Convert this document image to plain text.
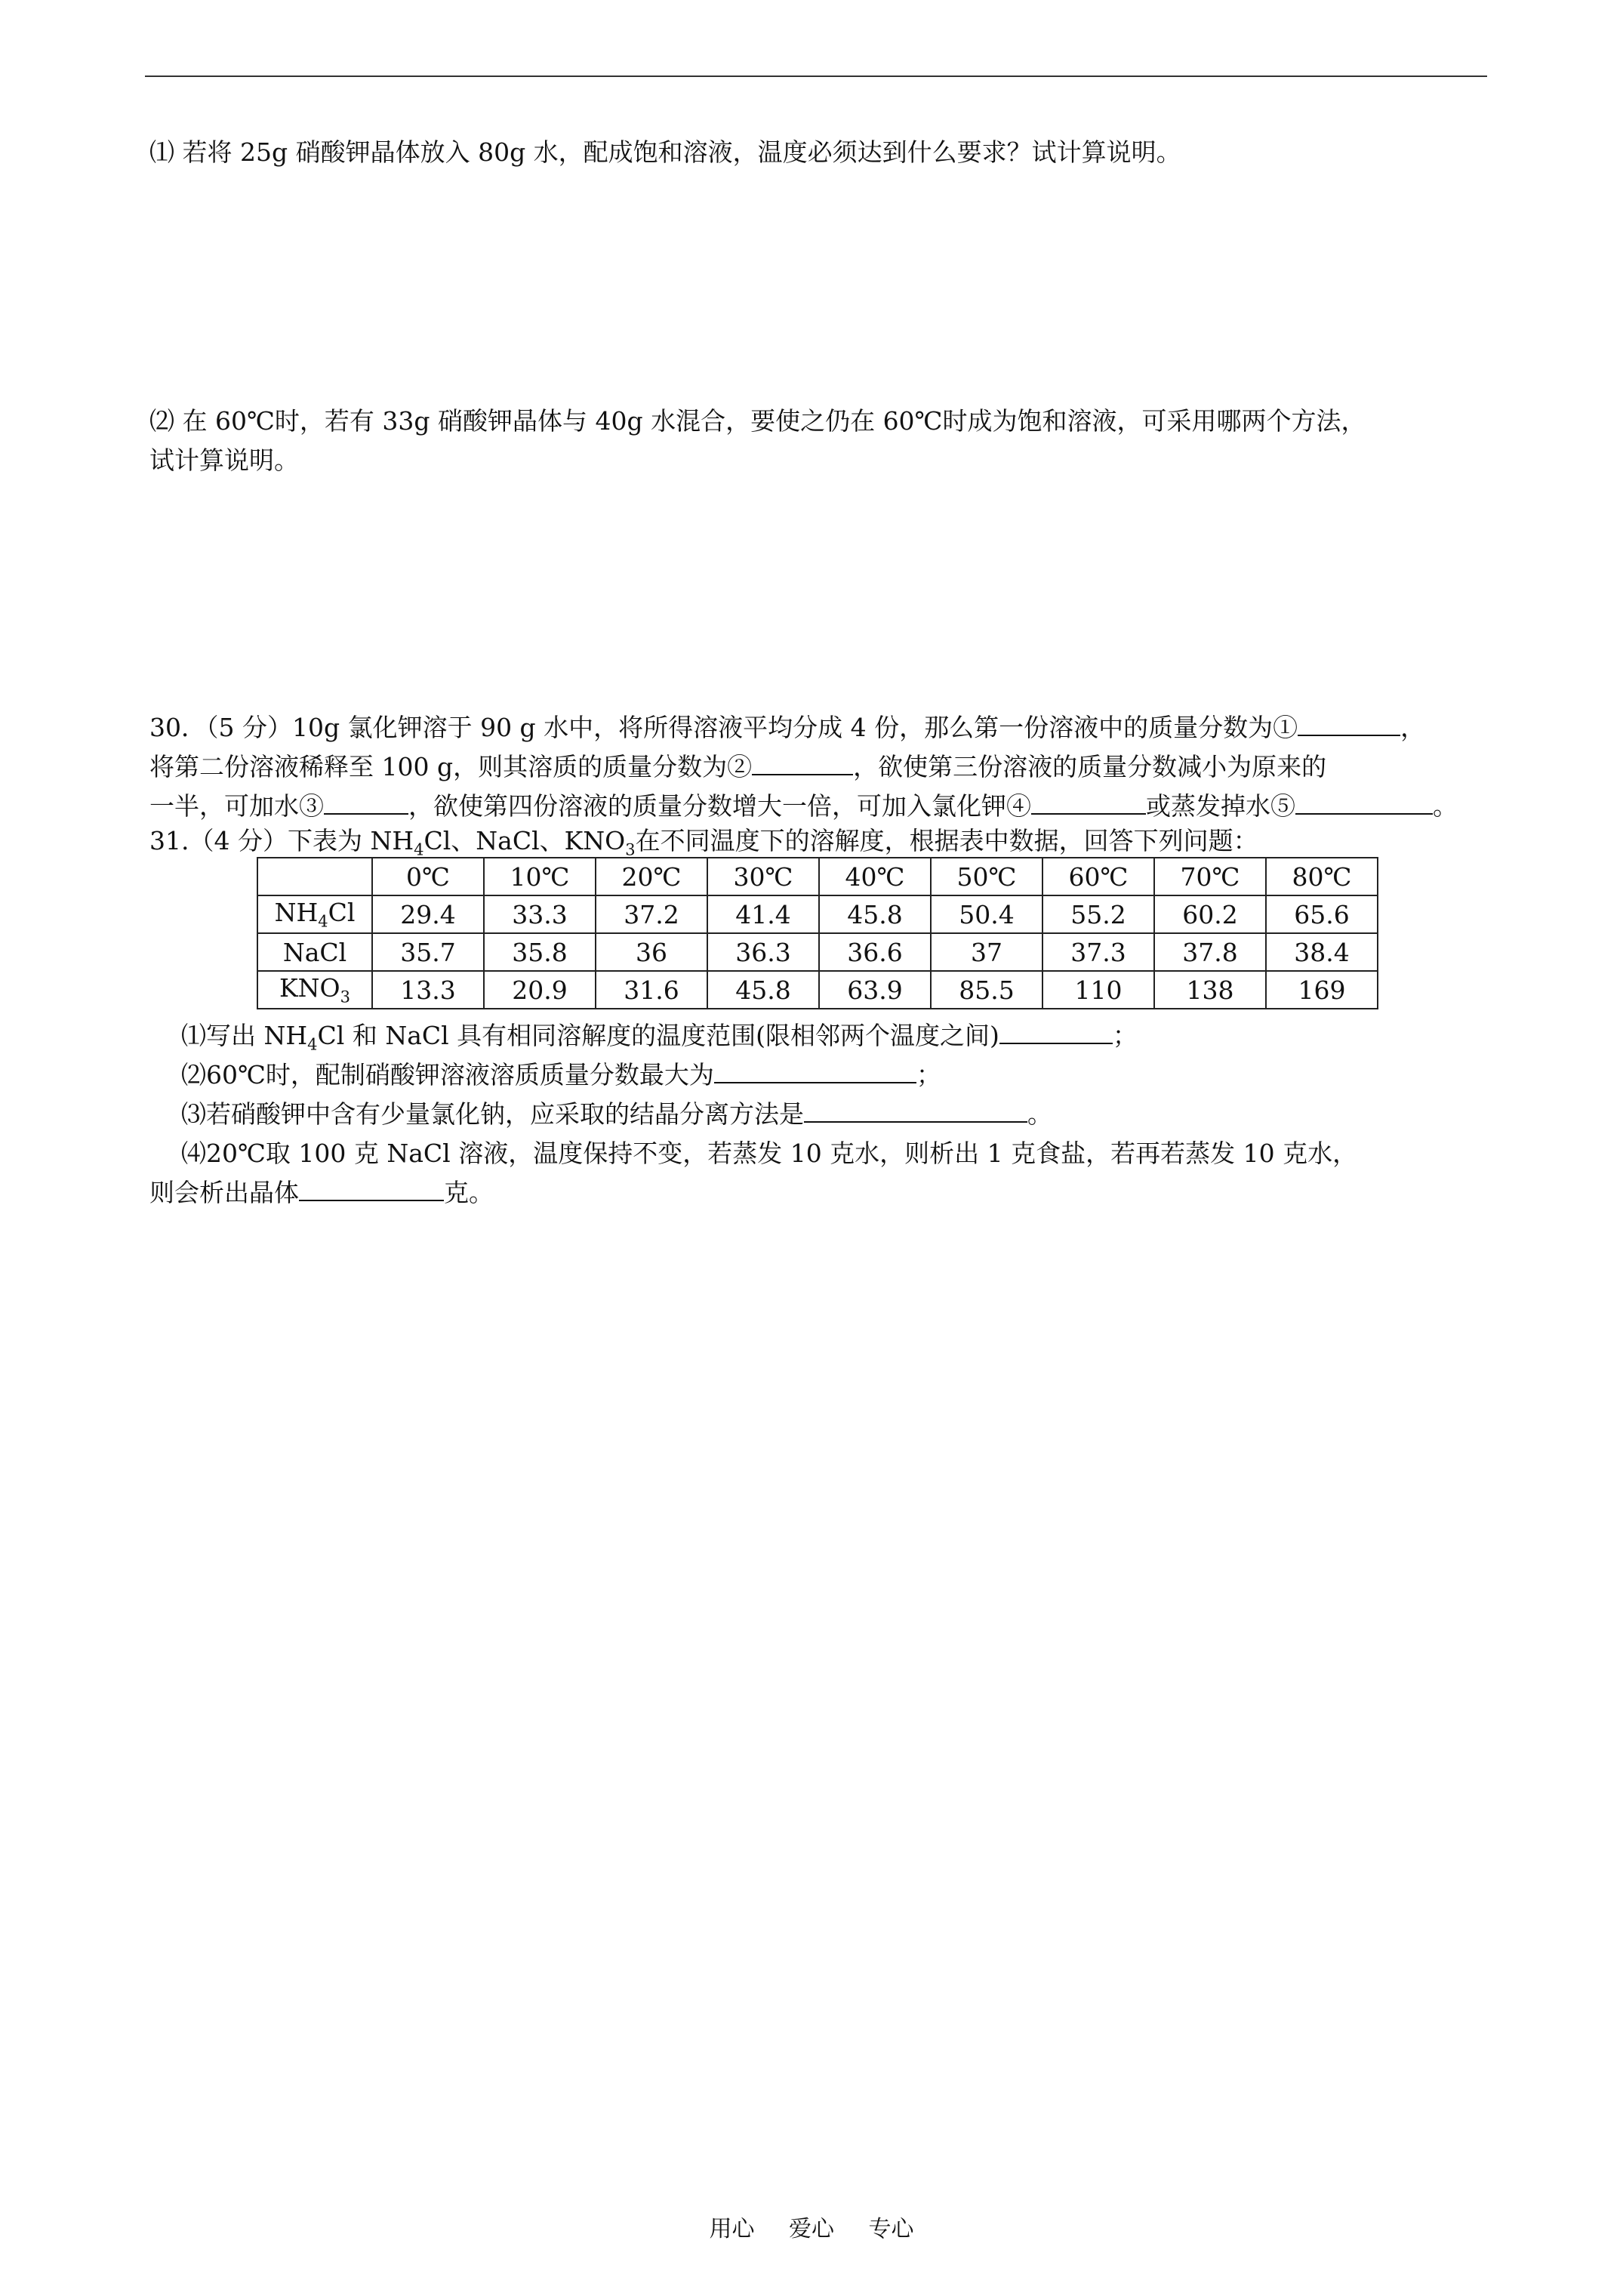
⑴ 若将 25g 硝酸钾晶体放入 80g 水，配成饱和溶液，温度必须达到什么要求？试计算说明。
⑵ 在 60℃时，若有 33g 硝酸钾晶体与 40g 水混合，要使之仍在 60℃时成为饱和溶液，可采用哪两个方法，
试计算说明。
30．（5 分）10g 氯化钾溶于 90 g 水中，将所得溶液平均分成 4 份，那么第一份溶液中的质量分数为①	，
将第二份溶液稀释至 100 g，则其溶质的质量分数为②	，欲使第三份溶液的质量分数减小为原来的
一半，可加水③	，欲使第四份溶液的质量分数增大一倍，可加入氯化钾④	或蒸发掉水⑤	。
31.（4 分）下表为 $NH_4Cl$、NaCl、$KNO_3$在不同温度下的溶解度，根据表中数据，回答下列问题：
	0℃	10℃	20℃	30℃	40℃	50℃	60℃	70℃	80℃
$NH_4Cl$	29.4	33.3	37.2	41.4	45.8	50.4	55.2	60.2	65.6
NaCl	35.7	35.8	36	36.3	36.6	37	37.3	37.8	38.4
$KNO_3$	13.3	20.9	31.6	45.8	63.9	85.5	110	138	169
⑴写出 $NH_4Cl$ 和 NaCl 具有相同溶解度的温度范围(限相邻两个温度之间)	；
⑵60℃时，配制硝酸钾溶液溶质质量分数最大为	；
⑶若硝酸钾中含有少量氯化钠，应采取的结晶分离方法是	。
⑷20℃取 100 克 NaCl 溶液，温度保持不变，若蒸发 10 克水，则析出 1 克食盐，若再若蒸发 10 克水，
则会析出晶体	克。
用心 爱心 专心
